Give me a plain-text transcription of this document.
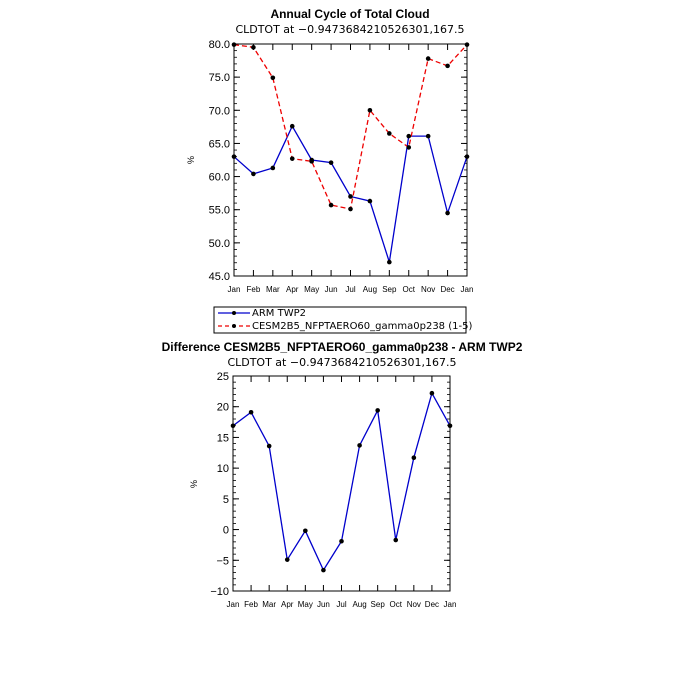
Annual Cycle of Total Cloud
CLDTOT at −0.9473684210526301,167.5
%
45.0
50.0
55.0
60.0
65.0
70.0
75.0
80.0
Jan Feb Mar Apr May Jun Jul Aug Sep Oct Nov Dec Jan
ARM TWP2
CESM2B5_NFPTAERO60_gamma0p238 (1-5)
Difference CESM2B5_NFPTAERO60_gamma0p238 - ARM TWP2
CLDTOT at −0.9473684210526301,167.5
%
−10
−5
0
5
10
15
20
25
Jan Feb Mar Apr May Jun Jul Aug Sep Oct Nov Dec Jan
